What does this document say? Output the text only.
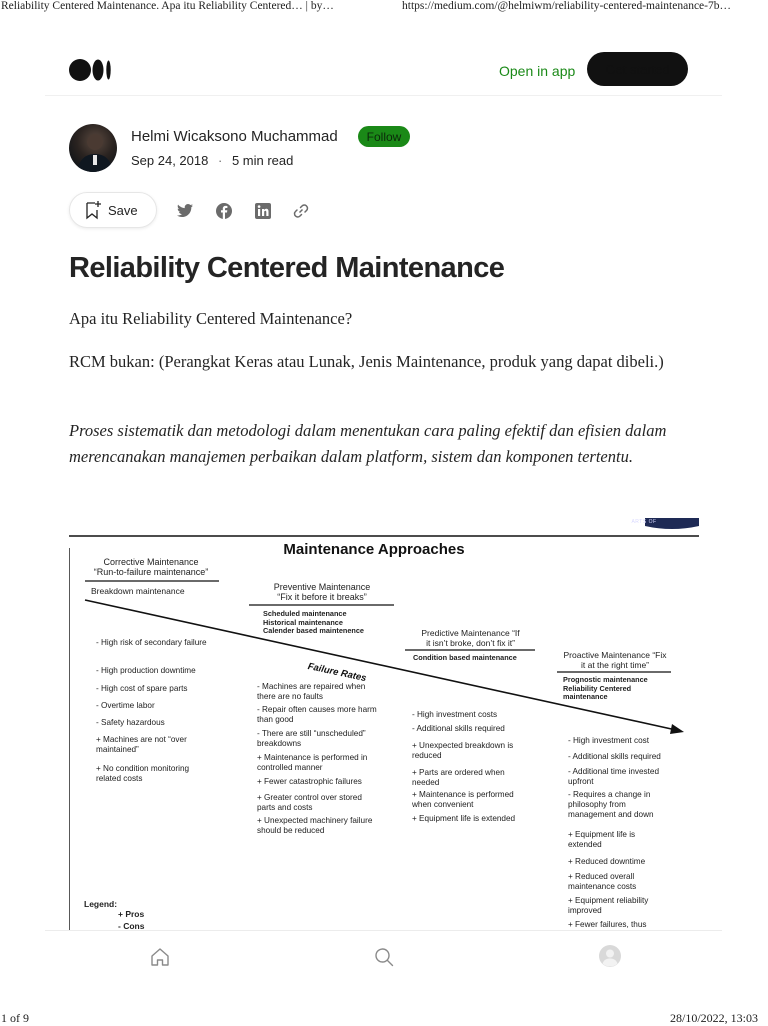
Reliability Centered Maintenance. Apa itu Reliability Centered… | by…	https://medium.com/@helmiwm/reliability-centered-maintenance-7b…
Open in app	Get started
Helmi Wicaksono Muchammad	Follow
Sep 24, 2018 · 5 min read
Save
Reliability Centered Maintenance

Apa itu Reliability Centered Maintenance?

RCM bukan: (Perangkat Keras atau Lunak, Jenis Maintenance, produk yang dapat dibeli.)

Proses sistematik dan metodologi dalam menentukan cara paling efektif dan efisien dalam merencanakan manajemen perbaikan dalam platform, sistem dan komponen tertentu.

ARTS OF
Maintenance Approaches
Failure Rates
Corrective Maintenance
“Run-to-failure maintenance”
Breakdown maintenance
- High risk of secondary failure
- High production downtime
- High cost of spare parts
- Overtime labor
- Safety hazardous
+ Machines are not “over maintained”
+ No condition monitoring related costs
Preventive Maintenance
“Fix it before it breaks”
Scheduled maintenance
Historical maintenance
Calender based maintenence
- Machines are repaired when there are no faults
- Repair often causes more harm than good
- There are still “unscheduled” breakdowns
+ Maintenance is performed in controlled manner
+ Fewer catastrophic failures
+ Greater control over stored parts and costs
+ Unexpected machinery failure should be reduced
Predictive Maintenance “If
it isn’t broke, don’t fix it”
Condition based maintenance
- High investment costs
- Additional skills required
+ Unexpected breakdown is reduced
+ Parts are ordered when needed
+ Maintenance is performed when convenient
+ Equipment life is extended
Proactive Maintenance “Fix
it at the right time”
Prognostic maintenance
Reliability Centered
maintenance
- High investment cost
- Additional skills required
- Additional time invested upfront
- Requires a change in philosophy from management and down
+ Equipment life is extended
+ Reduced downtime
+ Reduced overall maintenance costs
+ Equipment reliability improved
+ Fewer failures, thus
Legend:
+ Pros
- Cons
1 of 9	28/10/2022, 13:03
